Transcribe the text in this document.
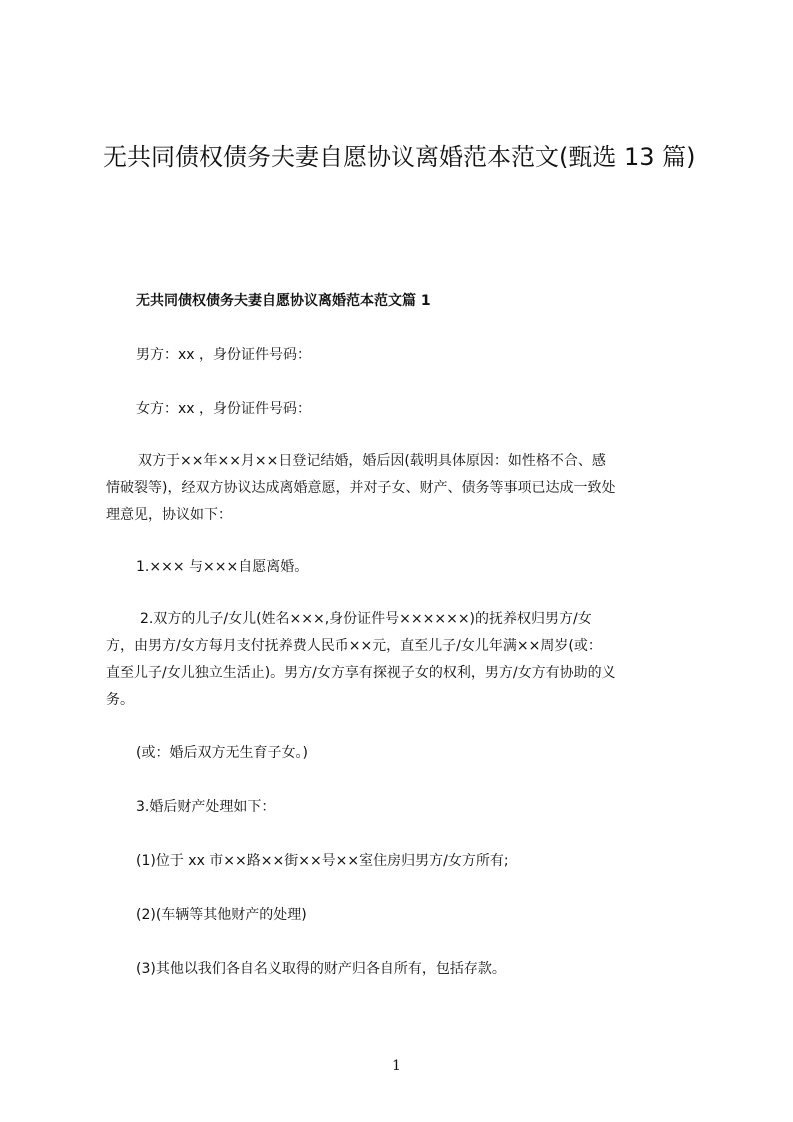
无共同债权债务夫妻自愿协议离婚范本范文(甄选 13 篇)
无共同债权债务夫妻自愿协议离婚范本范文篇 1
男方：xx ，身份证件号码：
女方：xx ，身份证件号码：
双方于××年××月××日登记结婚，婚后因(载明具体原因：如性格不合、感
情破裂等)，经双方协议达成离婚意愿，并对子女、财产、债务等事项已达成一致处
理意见，协议如下：
1.××× 与×××自愿离婚。
2.双方的儿子/女儿(姓名×××,身份证件号××××××)的抚养权归男方/女
方，由男方/女方每月支付抚养费人民币××元，直至儿子/女儿年满××周岁(或：
直至儿子/女儿独立生活止)。男方/女方享有探视子女的权利，男方/女方有协助的义
务。
(或：婚后双方无生育子女。)
3.婚后财产处理如下：
(1)位于 xx 市××路××街××号××室住房归男方/女方所有;
(2)(车辆等其他财产的处理)
(3)其他以我们各自名义取得的财产归各自所有，包括存款。
1
